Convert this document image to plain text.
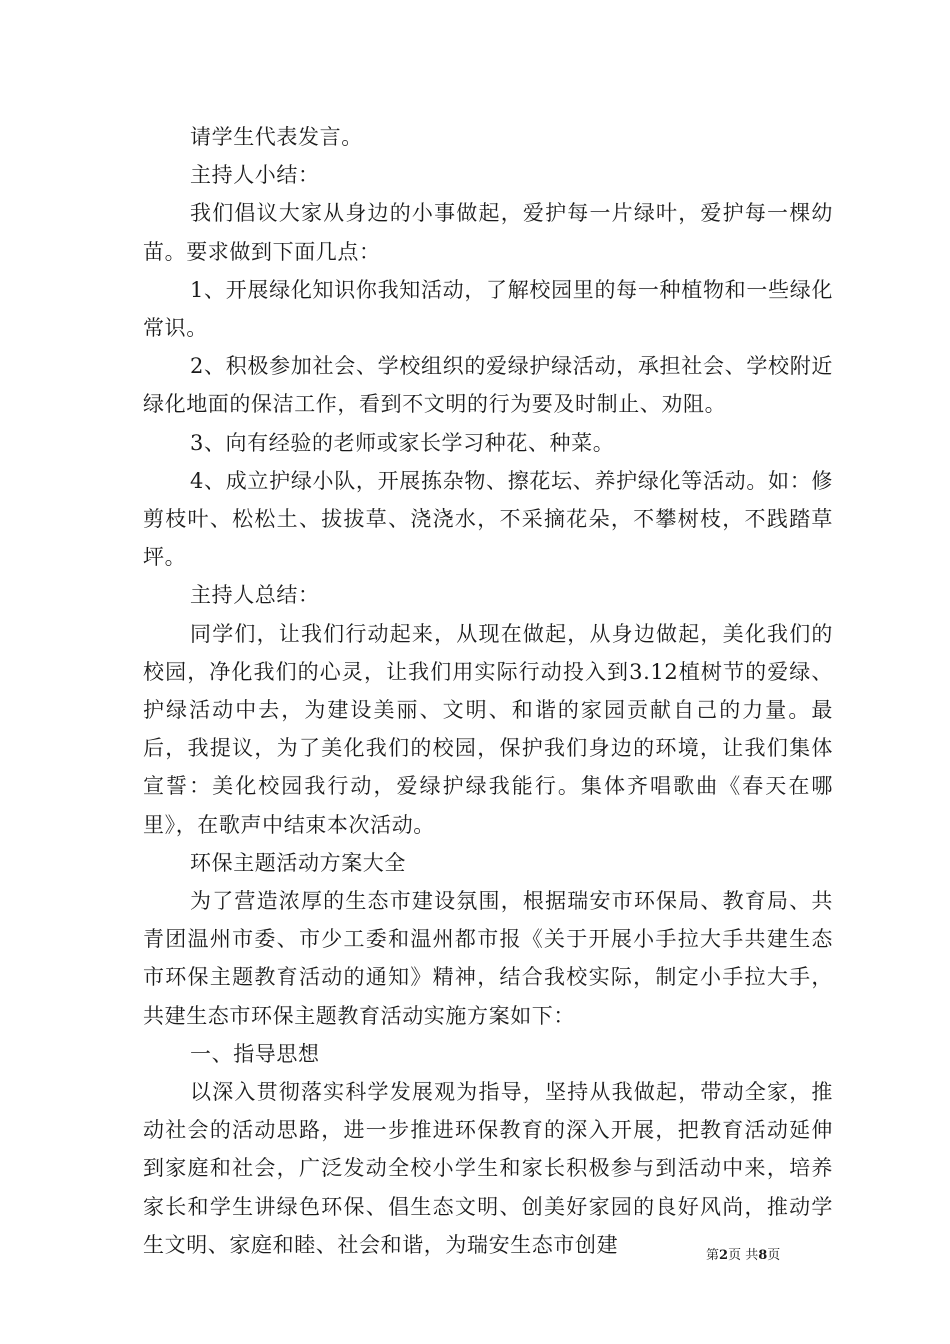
请学生代表发言。

主持人小结：

我们倡议大家从身边的小事做起，爱护每一片绿叶，爱护每一棵幼苗。要求做到下面几点：

1、开展绿化知识你我知活动，了解校园里的每一种植物和一些绿化常识。

2、积极参加社会、学校组织的爱绿护绿活动，承担社会、学校附近绿化地面的保洁工作，看到不文明的行为要及时制止、劝阻。

3、向有经验的老师或家长学习种花、种菜。

4、成立护绿小队，开展拣杂物、擦花坛、养护绿化等活动。如：修剪枝叶、松松土、拔拔草、浇浇水，不采摘花朵，不攀树枝，不践踏草坪。

主持人总结：

同学们，让我们行动起来，从现在做起，从身边做起，美化我们的校园，净化我们的心灵，让我们用实际行动投入到3.12植树节的爱绿、护绿活动中去，为建设美丽、文明、和谐的家园贡献自己的力量。最后，我提议，为了美化我们的校园，保护我们身边的环境，让我们集体宣誓：美化校园我行动，爱绿护绿我能行。集体齐唱歌曲《春天在哪里》，在歌声中结束本次活动。

环保主题活动方案大全

为了营造浓厚的生态市建设氛围，根据瑞安市环保局、教育局、共青团温州市委、市少工委和温州都市报《关于开展小手拉大手共建生态市环保主题教育活动的通知》精神，结合我校实际，制定小手拉大手，共建生态市环保主题教育活动实施方案如下：

一、指导思想

以深入贯彻落实科学发展观为指导，坚持从我做起，带动全家，推动社会的活动思路，进一步推进环保教育的深入开展，把教育活动延伸到家庭和社会，广泛发动全校小学生和家长积极参与到活动中来，培养家长和学生讲绿色环保、倡生态文明、创美好家园的良好风尚，推动学生文明、家庭和睦、社会和谐，为瑞安生态市创建	第2页 共8页
